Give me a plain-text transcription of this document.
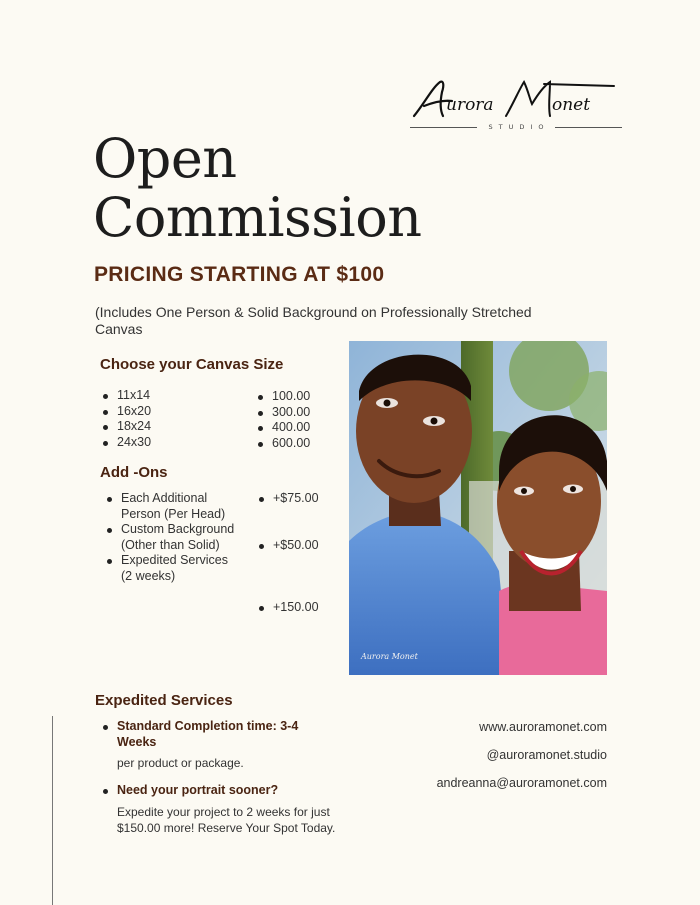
urora	onet
STUDIO
Open
Commission
PRICING STARTING AT $100
(Includes One Person & Solid Background on Professionally Stretched Canvas
Choose your Canvas Size
11x14
16x20
18x24
24x30
100.00
300.00
400.00
600.00
Add -Ons
Each Additional Person (Per Head)
Custom Background (Other than Solid)
Expedited Services (2 weeks)
+$75.00
+$50.00
+150.00
Aurora Monet
Expedited Services
Standard Completion time: 3-4 Weeks
per product or package.
Need your portrait sooner?
Expedite your project to 2 weeks for just $150.00 more! Reserve Your Spot Today.
www.auroramonet.com
@auroramonet.studio
andreanna@auroramonet.com
